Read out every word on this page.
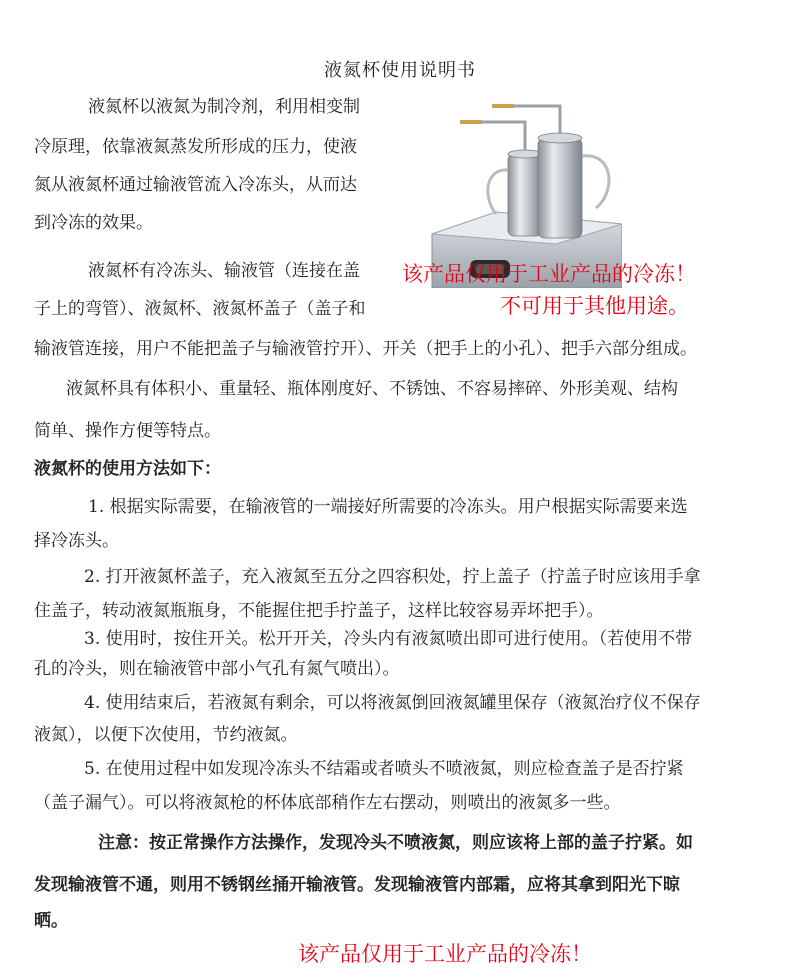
液氮杯使用说明书
液氮杯以液氮为制冷剂，利用相变制
冷原理，依靠液氮蒸发所形成的压力，使液
氮从液氮杯通过输液管流入冷冻头，从而达
到冷冻的效果。
液氮杯有冷冻头、输液管（连接在盖
子上的弯管）、液氮杯、液氮杯盖子（盖子和
输液管连接，用户不能把盖子与输液管拧开）、开关（把手上的小孔）、把手六部分组成。
该产品仅用于工业产品的冷冻！
不可用于其他用途。
液氮杯具有体积小、重量轻、瓶体刚度好、不锈蚀、不容易摔碎、外形美观、结构
简单、操作方便等特点。
液氮杯的使用方法如下：
1. 根据实际需要，在输液管的一端接好所需要的冷冻头。用户根据实际需要来选
择冷冻头。
2. 打开液氮杯盖子，充入液氮至五分之四容积处，拧上盖子（拧盖子时应该用手拿
住盖子，转动液氮瓶瓶身，不能握住把手拧盖子，这样比较容易弄坏把手）。
3. 使用时，按住开关。松开开关，冷头内有液氮喷出即可进行使用。（若使用不带
孔的冷头，则在输液管中部小气孔有氮气喷出）。
4. 使用结束后，若液氮有剩余，可以将液氮倒回液氮罐里保存（液氮治疗仪不保存
液氮），以便下次使用，节约液氮。
5. 在使用过程中如发现冷冻头不结霜或者喷头不喷液氮，则应检查盖子是否拧紧
（盖子漏气）。可以将液氮枪的杯体底部稍作左右摆动，则喷出的液氮多一些。
注意：按正常操作方法操作，发现冷头不喷液氮，则应该将上部的盖子拧紧。如
发现输液管不通，则用不锈钢丝捅开输液管。发现输液管内部霜，应将其拿到阳光下晾
晒。
该产品仅用于工业产品的冷冻！
